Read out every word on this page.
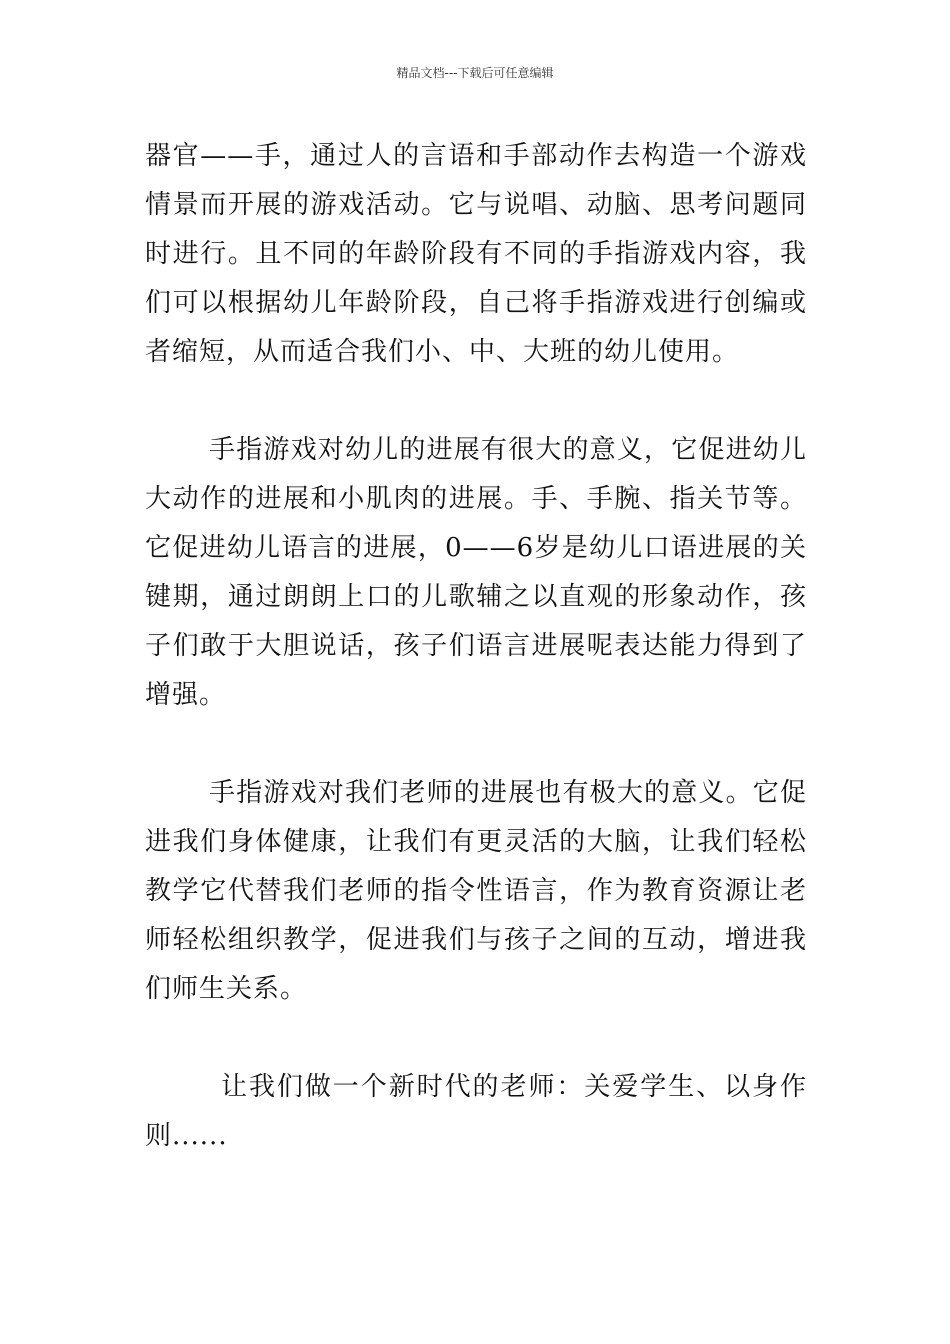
精品文档---下载后可任意编辑

器官——手，通过人的言语和手部动作去构造一个游戏情景而开展的游戏活动。它与说唱、动脑、思考问题同时进行。且不同的年龄阶段有不同的手指游戏内容，我们可以根据幼儿年龄阶段，自己将手指游戏进行创编或者缩短，从而适合我们小、中、大班的幼儿使用。

手指游戏对幼儿的进展有很大的意义，它促进幼儿大动作的进展和小肌肉的进展。手、手腕、指关节等。它促进幼儿语言的进展，0——6岁是幼儿口语进展的关键期，通过朗朗上口的儿歌辅之以直观的形象动作，孩子们敢于大胆说话，孩子们语言进展呢表达能力得到了增强。

手指游戏对我们老师的进展也有极大的意义。它促进我们身体健康，让我们有更灵活的大脑，让我们轻松教学它代替我们老师的指令性语言，作为教育资源让老师轻松组织教学，促进我们与孩子之间的互动，增进我们师生关系。

让我们做一个新时代的老师：关爱学生、以身作则......
